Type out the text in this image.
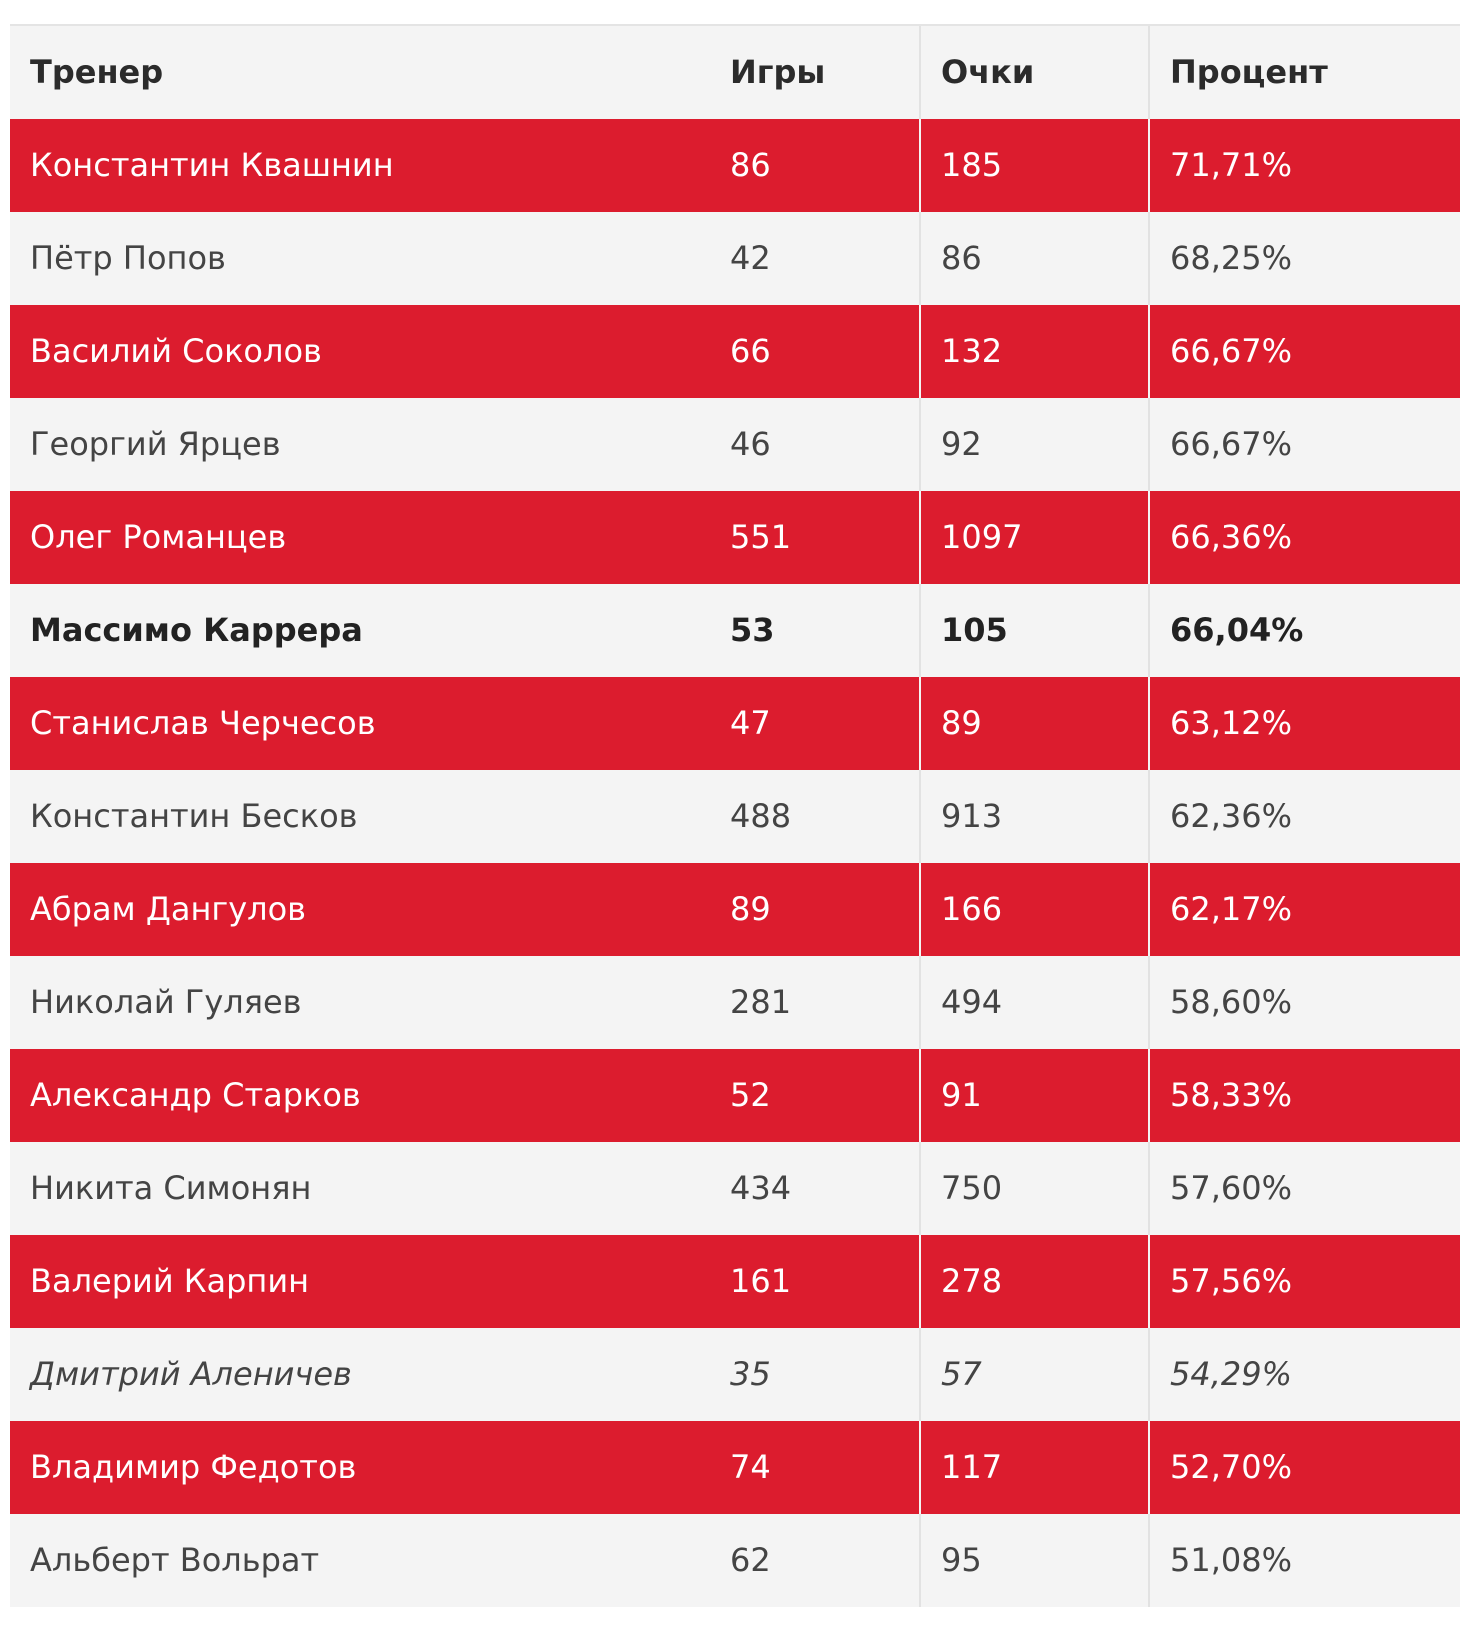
Тренер	Игры	Очки	Процент
Константин Квашнин	86	185	71,71%
Пётр Попов	42	86	68,25%
Василий Соколов	66	132	66,67%
Георгий Ярцев	46	92	66,67%
Олег Романцев	551	1097	66,36%
Массимо Каррера	53	105	66,04%
Станислав Черчесов	47	89	63,12%
Константин Бесков	488	913	62,36%
Абрам Дангулов	89	166	62,17%
Николай Гуляев	281	494	58,60%
Александр Старков	52	91	58,33%
Никита Симонян	434	750	57,60%
Валерий Карпин	161	278	57,56%
Дмитрий Аленичев	35	57	54,29%
Владимир Федотов	74	117	52,70%
Альберт Вольрат	62	95	51,08%
